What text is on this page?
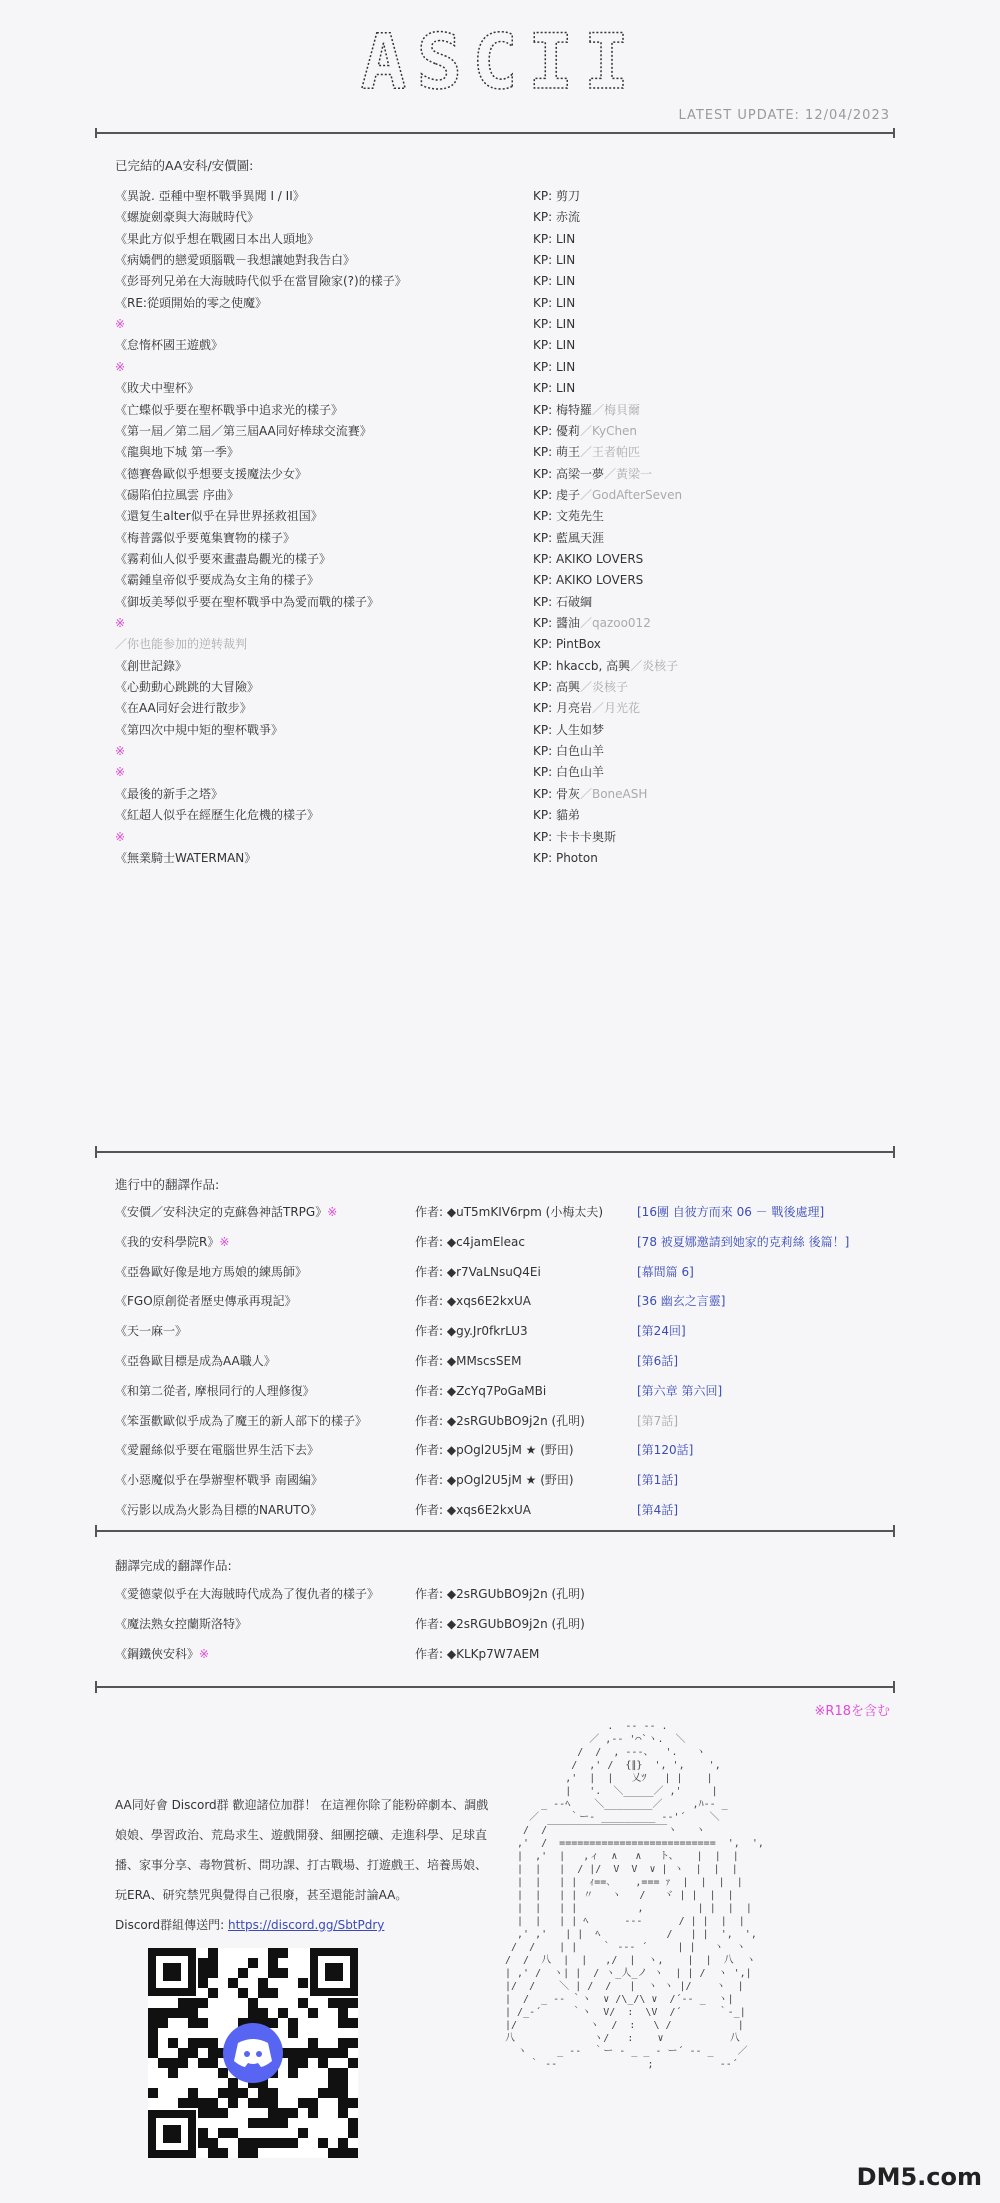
ASCII
LATEST UPDATE: 12/04/2023
已完結的AA安科/安價圖:
《異說. 亞種中聖杯戰爭異聞 I / II》	KP: 剪刀
《螺旋劍豪與大海賊時代》	KP: 赤流
《果此方似乎想在戰國日本出人頭地》	KP: LIN
《病嬌們的戀愛頭腦戰－我想讓她對我告白》	KP: LIN
《彭哥列兄弟在大海賊時代似乎在當冒險家(?)的樣子》	KP: LIN
《RE:從頭開始的零之使魔》	KP: LIN
※	KP: LIN
《怠惰杯國王遊戲》	KP: LIN
※	KP: LIN
《敗犬中聖杯》	KP: LIN
《亡蝶似乎要在聖杯戰爭中追求光的樣子》	KP: 梅特羅／梅貝爾
《第一屆／第二屆／第三屆AA同好棒球交流賽》	KP: 優莉／KyChen
《龍與地下城 第一季》	KP: 萌王／王者帕匹
《德賽魯歐似乎想要支援魔法少女》	KP: 高梁一夢／黃梁一
《碭陷伯拉風雲 序曲》	KP: 虔子／GodAfterSeven
《還复生alter似乎在异世界拯救祖国》	KP: 文苑先生
《梅普露似乎要蒐集寶物的樣子》	KP: 藍風天涯
《霧莉仙人似乎要來畫盡島觀光的樣子》	KP: AKIKO LOVERS
《霸鍾皇帝似乎要成為女主角的樣子》	KP: AKIKO LOVERS
《御坂美琴似乎要在聖杯戰爭中為愛而戰的樣子》	KP: 石破綱
※	KP: 醬油／qazoo012
／你也能参加的逆转裁判	KP: PintBox
《創世記錄》	KP: hkaccb, 高興／炎核子
《心動動心跳跳的大冒險》	KP: 高興／炎核子
《在AA同好会进行散步》	KP: 月亮岩／月光花
《第四次中規中矩的聖杯戰爭》	KP: 人生如梦
※	KP: 白色山羊
※	KP: 白色山羊
《最後的新手之塔》	KP: 骨灰／BoneASH
《紅超人似乎在經歷生化危機的樣子》	KP: 貓弟
※	KP: 卡卡卡奥斯
《無業騎士WATERMAN》	KP: Photon
進行中的翻譯作品:
《安價／安科決定的克蘇魯神話TRPG》※	作者: ◆uT5mKIV6rpm (小梅太夫)	[16團 自彼方而來 06 － 戰後處理]
《我的安科學院R》※	作者: ◆c4jamEleac	[78 被夏娜邀請到她家的克莉絲 後篇！]
《亞魯歐好像是地方馬娘的練馬師》	作者: ◆r7VaLNsuQ4Ei	[幕間篇 6]
《FGO原創從者歷史傳承再現記》	作者: ◆xqs6E2kxUA	[36 幽玄之言靈]
《天一麻一》	作者: ◆gy.Jr0fkrLU3	[第24回]
《亞魯歐目標是成為AA職人》	作者: ◆MMscsSEM	[第6話]
《和第二從者, 摩根同行的人理修復》	作者: ◆ZcYq7PoGaMBi	[第六章 第六回]
《笨蛋歡歐似乎成為了魔王的新人部下的樣子》	作者: ◆2sRGUbBO9j2n (孔明)	[第7話]
《愛麗絲似乎要在電腦世界生活下去》	作者: ◆pOgl2U5jM ★ (野田)	[第120話]
《小惡魔似乎在學辦聖杯戰爭 南國編》	作者: ◆pOgl2U5jM ★ (野田)	[第1話]
《污影以成為火影為目標的NARUTO》	作者: ◆xqs6E2kxUA	[第4話]
翻譯完成的翻譯作品:
《愛德蒙似乎在大海賊時代成為了復仇者的樣子》	作者: ◆2sRGUbBO9j2n (孔明)
《魔法熟女控蘭斯洛特》	作者: ◆2sRGUbBO9j2n (孔明)
《鋼鐵俠安科》※	作者: ◆KLKp7W7AEM
※R18を含む
AA同好會 Discord群 歡迎諸位加群！ 在這裡你除了能粉碎劇本、調戲娘娘、學習政治、荒島求生、遊戲開發、細團挖礦、走進科學、足球直播、家事分享、毒物賞析、問功課、打古戰場、打遊戲王、培養馬娘、玩ERA、研究禁咒與覺得自己很廢，甚至還能討論AA。
Discord群組傳送門: https://discord.gg/SbtPdry
.  -‐ ‐- .
／ ,-‐ '⌒`ヽ.  ＼
/  /  , -‐-、  '.   ヽ
/  ,' /  {∥}  ', ',    ',
,'  |  |   乂ﾂ   | |    |
|   '.  ＼_____／ ,'     |
_ -‐ﾍ    ＼________／     ,ﾊ‐- _
／     ｀ー- _________ -‐'´    ＼
/  /￣￣￣￣￣￣￣￣￣￣￣￣ヽ   ヽ
,'  /  ==========================  ',  ',
|  ,'  |   ,ィ  ∧   ∧   ト、   |  |  |
|  |   |  / |/  V  V  ∨ | ヽ  |  |  |
|  |   | |  ｨ==､    ,=== ｧ  |  |  |  |
|  |   | | 〃   ヽ   /   ヾ | |  |  |
|  |   | |          ,         | |  |  |
|  |   | | ﾍ      ‐-‐      / | |  |  |
,' ,'   | |  ﾍ           /   | |  ',  ',
/  /    | |    ｀ ‐-‐ ´     | |   ヽ  ヽ
/  /  八  |  |   ,/  |  ヽ,    |  |  八  ヽ
| ,' /  ヽ| |  / ヽ_人_ノ ヽ  | | /  ヽ ',|
|/  /    ＼ | /  /   |  ヽ ヽ |/    ヽ  |
|  /  _ -‐ ｀ヽ  ∨ /\_/\ ∨  /´‐- _  ヽ|
| /_-´     ｀ヽ  V/  :  \V  /´      ｀-_|
|/            ヽ  /  :   \ /           |
八             ヽ/   :    ∨           八
ヽ     _ -‐  ｀ー - _ _ - ー´ ‐- _    ／
｀ ‐-               ;           -‐´
DM5.com
